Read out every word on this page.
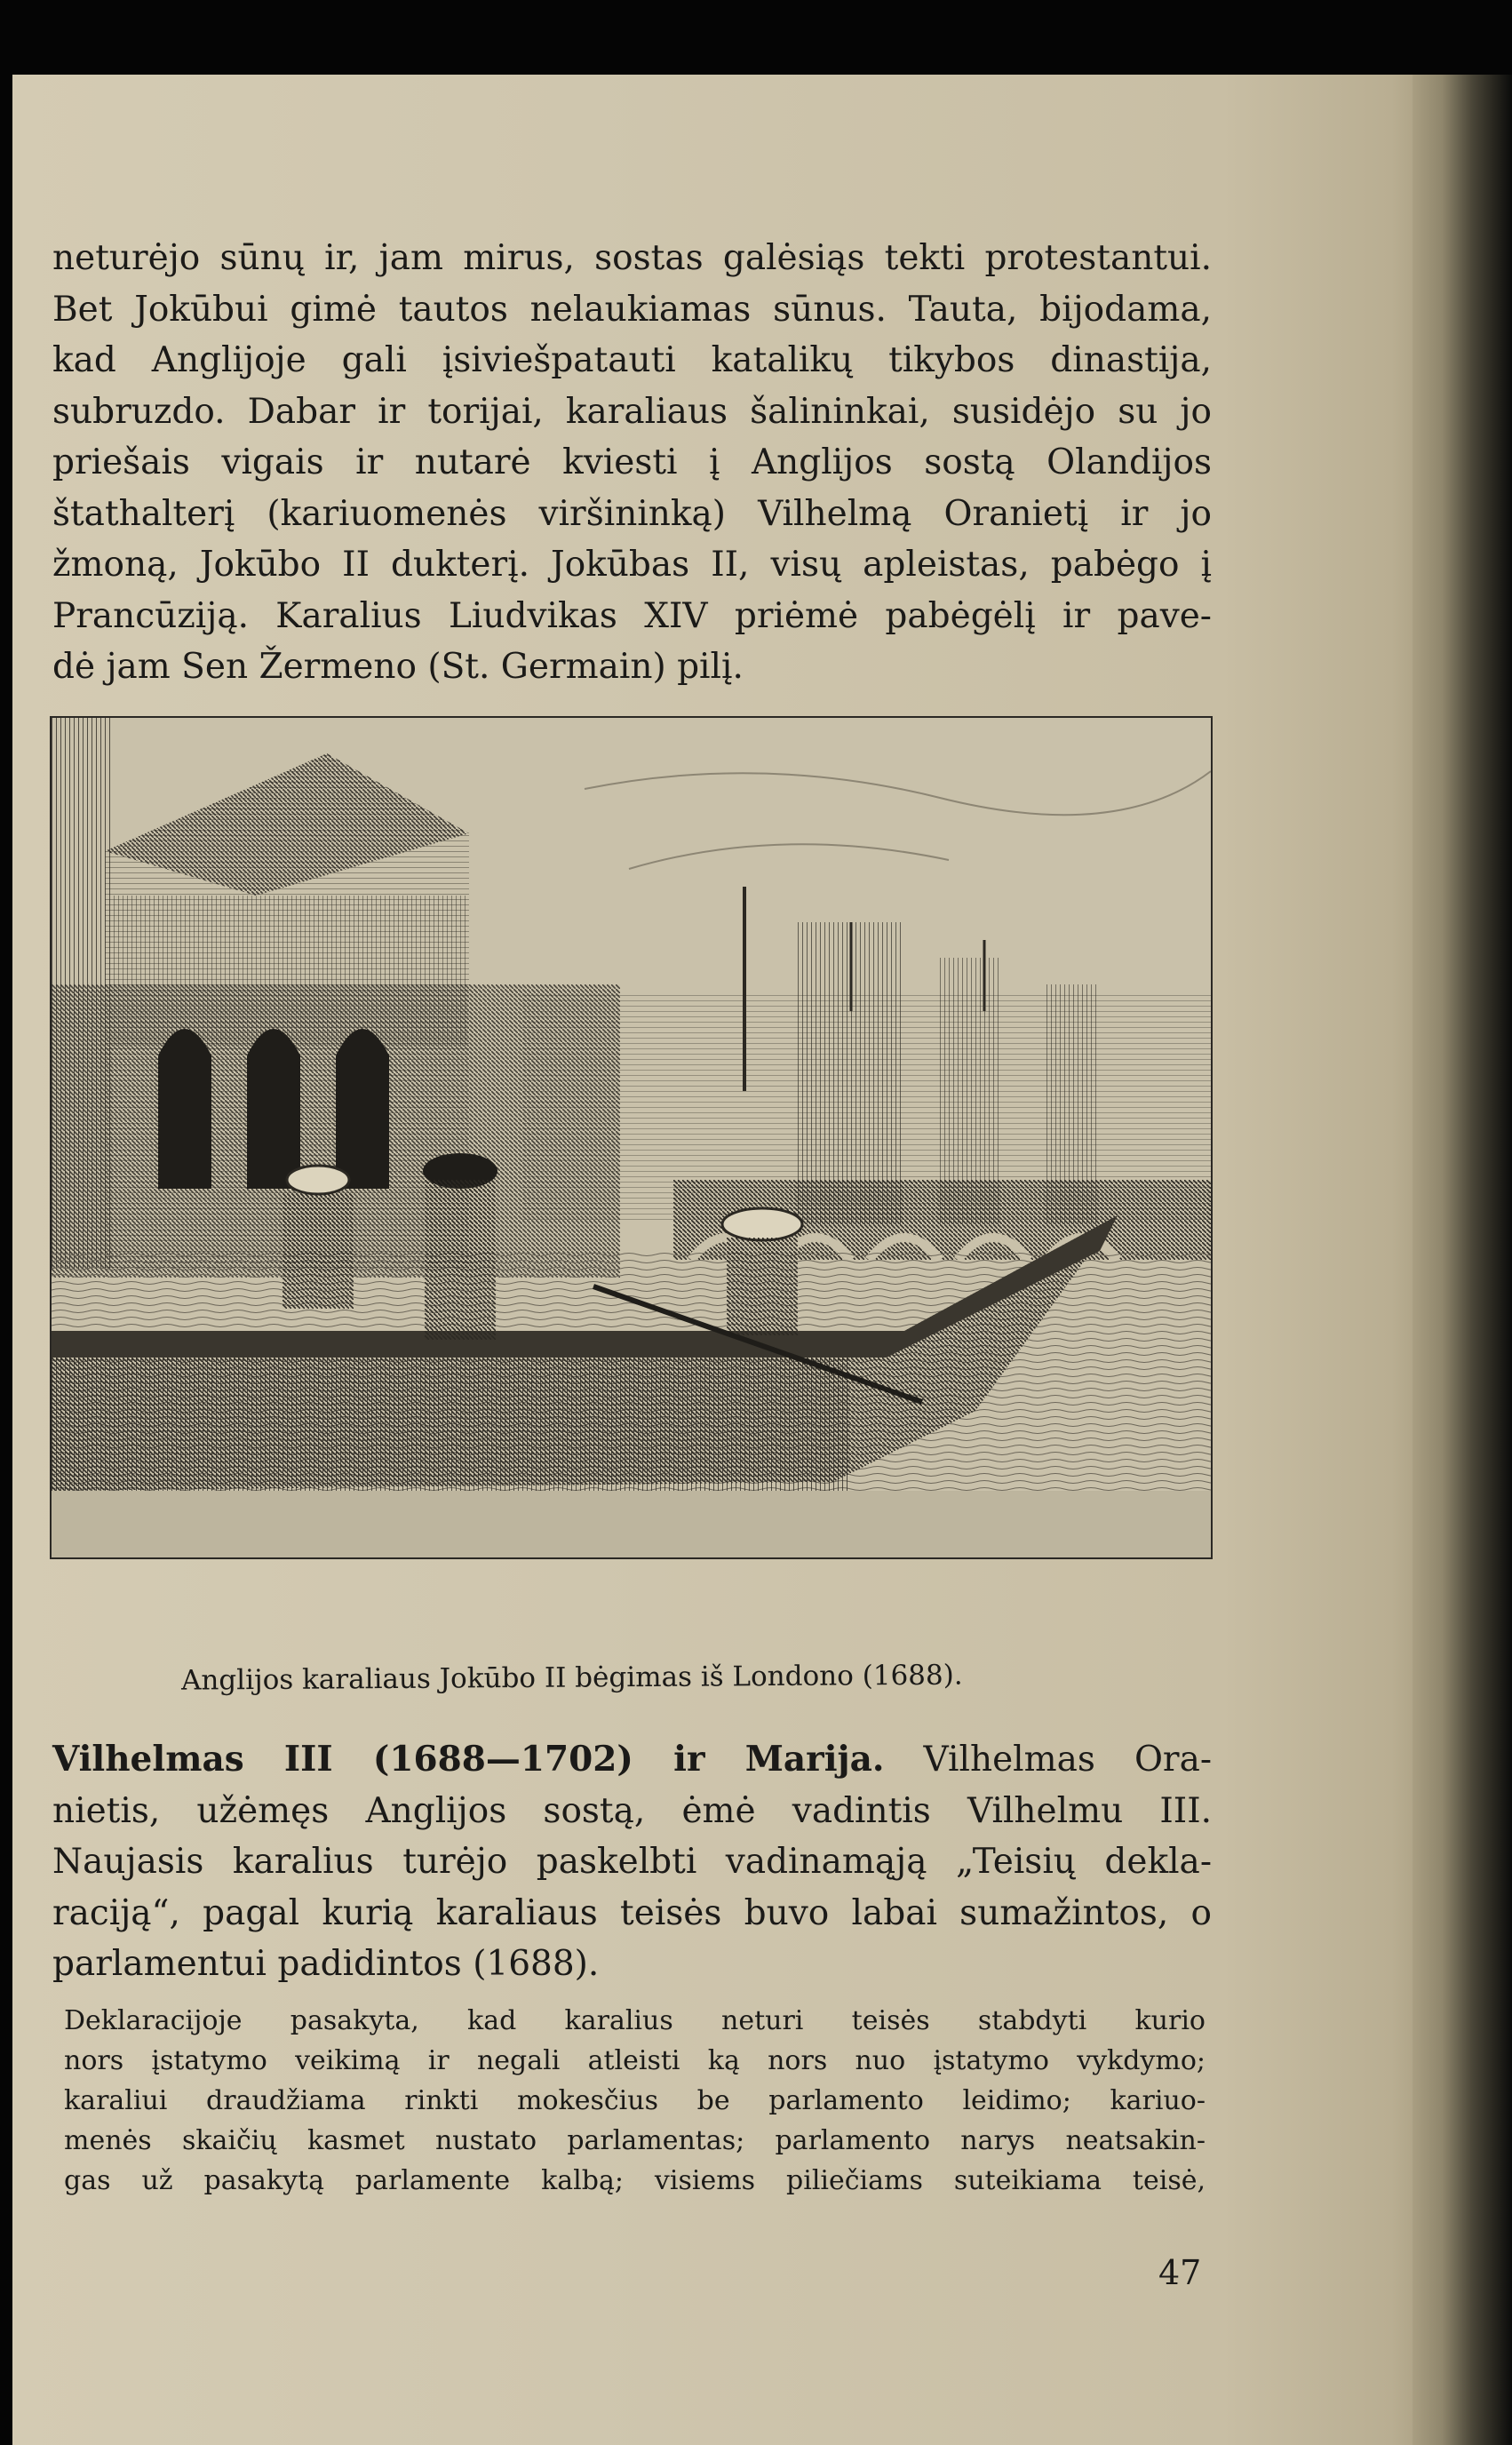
neturėjo sūnų ir, jam mirus, sostas galėsiąs tekti protestantui.
Bet Jokūbui gimė tautos nelaukiamas sūnus. Tauta, bijodama,
kad Anglijoje gali įsiviešpatauti katalikų tikybos dinastija,
subruzdo. Dabar ir torijai, karaliaus šalininkai, susidėjo su jo
priešais vigais ir nutarė kviesti į Anglijos sostą Olandijos
štathalterį (kariuomenės viršininką) Vilhelmą Oranietį ir jo
žmoną, Jokūbo II dukterį. Jokūbas II, visų apleistas, pabėgo į
Prancūziją. Karalius Liudvikas XIV priėmė pabėgėlį ir pave-
dė jam Sen Žermeno (St. Germain) pilį.
Anglijos karaliaus Jokūbo II bėgimas iš Londono (1688).
Vilhelmas III (1688—1702) ir Marija. Vilhelmas Ora-
nietis, užėmęs Anglijos sostą, ėmė vadintis Vilhelmu III.
Naujasis karalius turėjo paskelbti vadinamąją „Teisių dekla-
raciją“, pagal kurią karaliaus teisės buvo labai sumažintos, o
parlamentui padidintos (1688).
Deklaracijoje pasakyta, kad karalius neturi teisės stabdyti kurio
nors įstatymo veikimą ir negali atleisti ką nors nuo įstatymo vykdymo;
karaliui draudžiama rinkti mokesčius be parlamento leidimo; kariuo-
menės skaičių kasmet nustato parlamentas; parlamento narys neatsakin-
gas už pasakytą parlamente kalbą; visiems piliečiams suteikiama teisė,
47
